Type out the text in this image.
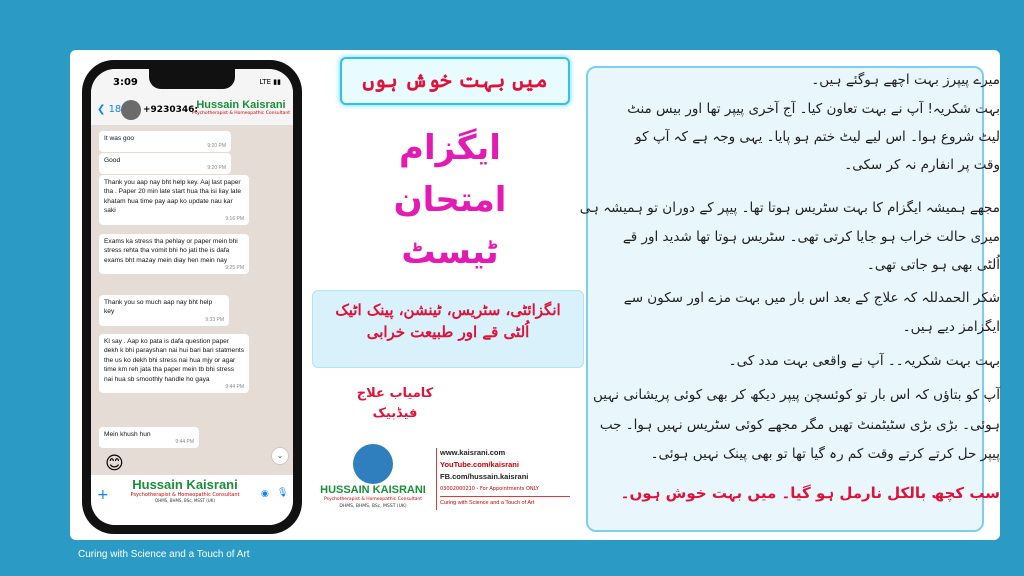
3:09	LTE ▮▮
❮ 18 +9230346:
Hussain Kaisrani
Psychotherapist & Homeopathic Consultant
It was goo
9:20 PM
Good
9:20 PM
Thank you aap nay bht help key. Aaj last paper tha . Paper 20 min late start hua tha isi liay late khatam hua time pay aap ko update nau kar saki
9:16 PM
Exams ka stress tha pehlay or paper mein bhi stress rehta tha vomit bhi ho jati the is dafa exams bht mazay mein diay hen mein nay
9:25 PM
Thank you so much aap nay bht help key
9:33 PM
Kl say . Aap ko pata is dafa question paper dekh k bhi parayshan nai hui bari bari statments the us ko dekh bhi stress nai hua mjy or agar time km reh jata tha paper mein tb bhi stress nai hua sb smoothly handle ho gaya
9:44 PM
Mein khush hun
9:44 PM
⌄
😊
+
Hussain Kaisrani
Psychotherapist & Homeopathic Consultant
DHMS, BHMS, BSc, MSST (UK)
◉ 🎙
میں بہت خوش ہوں
ایگزام
امتحان
ٹیسٹ
انگزائٹی، سٹریس، ٹینشن، پینک اٹیک
اُلٹی قے اور طبیعت خرابی
کامیاب علاج
فیڈبیک
HUSSAIN KAISRANI
Psychotherapist & Homeopathic Consultant
DHMS, BHMS, BSc, MSST (UK)
www.kaisrani.com
YouTube.com/kaisrani
FB.com/hussain.kaisrani
03002000210 - For Appointments ONLY
Curing with Science and a Touch of Art
میرے پیپرز بہت اچھے ہوگئے ہیں۔
بہت شکریہ! آپ نے بہت تعاون کیا۔ آج آخری پیپر تھا اور بیس منٹ
لیٹ شروع ہوا۔ اس لیے لیٹ ختم ہو پایا۔ یہی وجہ ہے کہ آپ کو
وقت پر انفارم نہ کر سکی۔
مجھے ہمیشہ ایگزام کا بہت سٹریس ہوتا تھا۔ پیپر کے دوران تو ہمیشہ ہی
میری حالت خراب ہو جایا کرتی تھی۔ سٹریس ہوتا تھا شدید اور قے
اُلٹی بھی ہو جاتی تھی۔
شکر الحمدللہ کہ علاج کے بعد اس بار میں بہت مزے اور سکون سے
ایگزامز دیے ہیں۔
بہت بہت شکریہ۔۔ آپ نے واقعی بہت مدد کی۔
آپ کو بتاؤں کہ اس بار تو کوئسچن پیپر دیکھ کر بھی کوئی پریشانی نہیں
ہوئی۔ بڑی بڑی سٹیٹمنٹ تھیں مگر مجھے کوئی سٹریس نہیں ہوا۔ جب
پیپر حل کرتے کرتے وقت کم رہ گیا تھا تو بھی پینک نہیں ہوئی۔
سب کچھ بالکل نارمل ہو گیا۔ میں بہت خوش ہوں۔
Curing with Science and a Touch of Art
